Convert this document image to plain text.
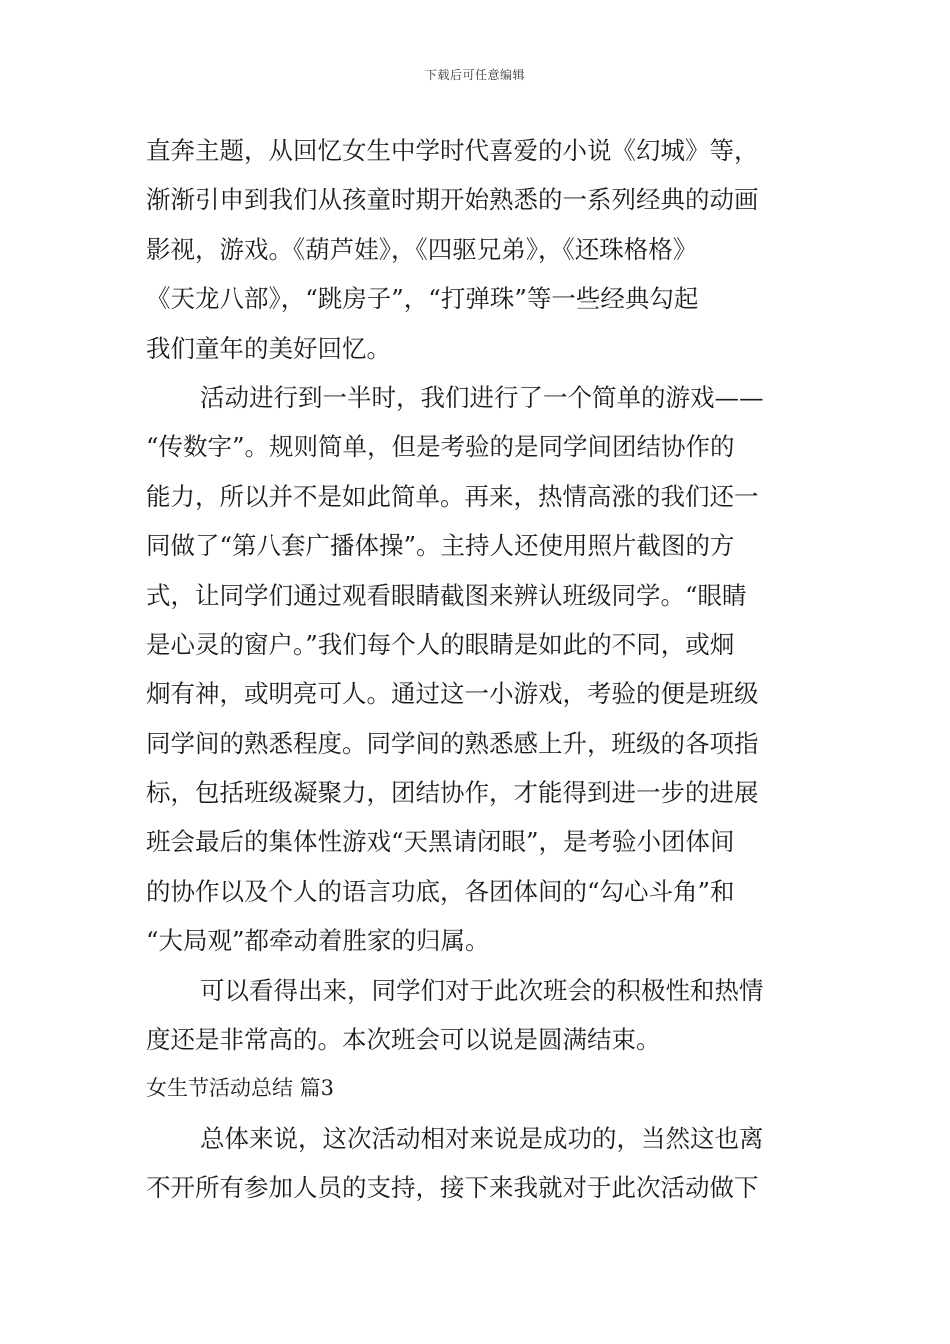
下载后可任意编辑
直奔主题，从回忆女生中学时代喜爱的小说《幻城》等，
渐渐引申到我们从孩童时期开始熟悉的一系列经典的动画
影视，游戏。《葫芦娃》，《四驱兄弟》，《还珠格格》
《天龙八部》，“跳房子”，“打弹珠”等一些经典勾起
我们童年的美好回忆。
活动进行到一半时，我们进行了一个简单的游戏——
“传数字”。规则简单，但是考验的是同学间团结协作的
能力，所以并不是如此简单。再来，热情高涨的我们还一
同做了“第八套广播体操”。主持人还使用照片截图的方
式，让同学们通过观看眼睛截图来辨认班级同学。“眼睛
是心灵的窗户。”我们每个人的眼睛是如此的不同，或炯
炯有神，或明亮可人。通过这一小游戏，考验的便是班级
同学间的熟悉程度。同学间的熟悉感上升，班级的各项指
标，包括班级凝聚力，团结协作，才能得到进一步的进展
班会最后的集体性游戏“天黑请闭眼”，是考验小团体间
的协作以及个人的语言功底，各团体间的“勾心斗角”和
“大局观”都牵动着胜家的归属。
可以看得出来，同学们对于此次班会的积极性和热情
度还是非常高的。本次班会可以说是圆满结束。
女生节活动总结 篇3
总体来说，这次活动相对来说是成功的，当然这也离
不开所有参加人员的支持，接下来我就对于此次活动做下
